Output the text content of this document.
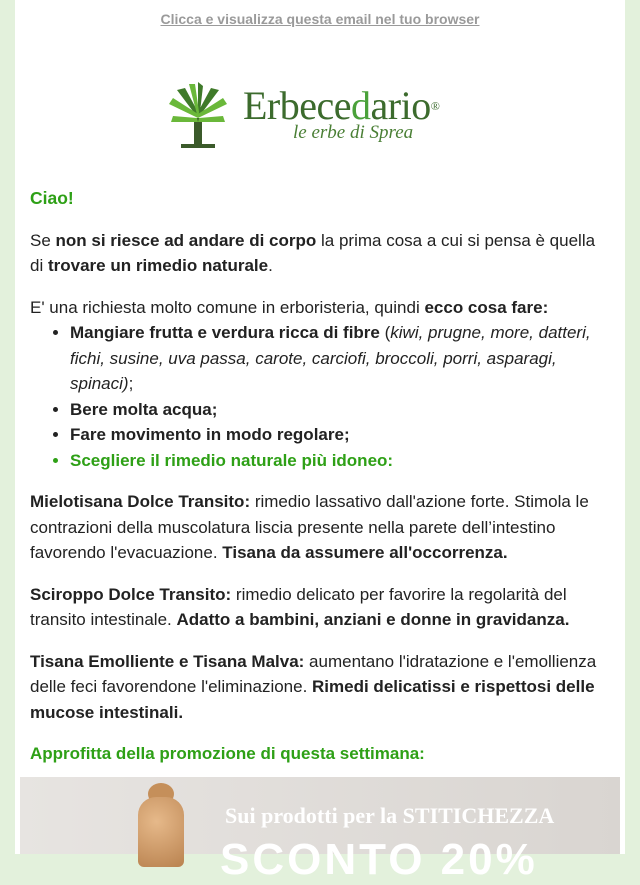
Clicca e visualizza questa email nel tuo browser
Erbecedario®
le erbe di Sprea

Ciao!

Se non si riesce ad andare di corpo la prima cosa a cui si pensa è quella di trovare un rimedio naturale.

E' una richiesta molto comune in erboristeria, quindi ecco cosa fare:

• Mangiare frutta e verdura ricca di fibre (kiwi, prugne, more, datteri, fichi, susine, uva passa, carote, carciofi, broccoli, porri, asparagi, spinaci);
• Bere molta acqua;
• Fare movimento in modo regolare;
• Scegliere il rimedio naturale più idoneo:

Mielotisana Dolce Transito: rimedio lassativo dall'azione forte. Stimola le contrazioni della muscolatura liscia presente nella parete dell’intestino favorendo l'evacuazione. Tisana da assumere all'occorrenza.

Sciroppo Dolce Transito: rimedio delicato per favorire la regolarità del transito intestinale. Adatto a bambini, anziani e donne in gravidanza.

Tisana Emolliente e Tisana Malva: aumentano l'idratazione e l'emollienza delle feci favorendone l'eliminazione. Rimedi delicatissi e rispettosi delle mucose intestinali.

Approfitta della promozione di questa settimana:

Sui prodotti per la STITICHEZZA
SCONTO 20%
